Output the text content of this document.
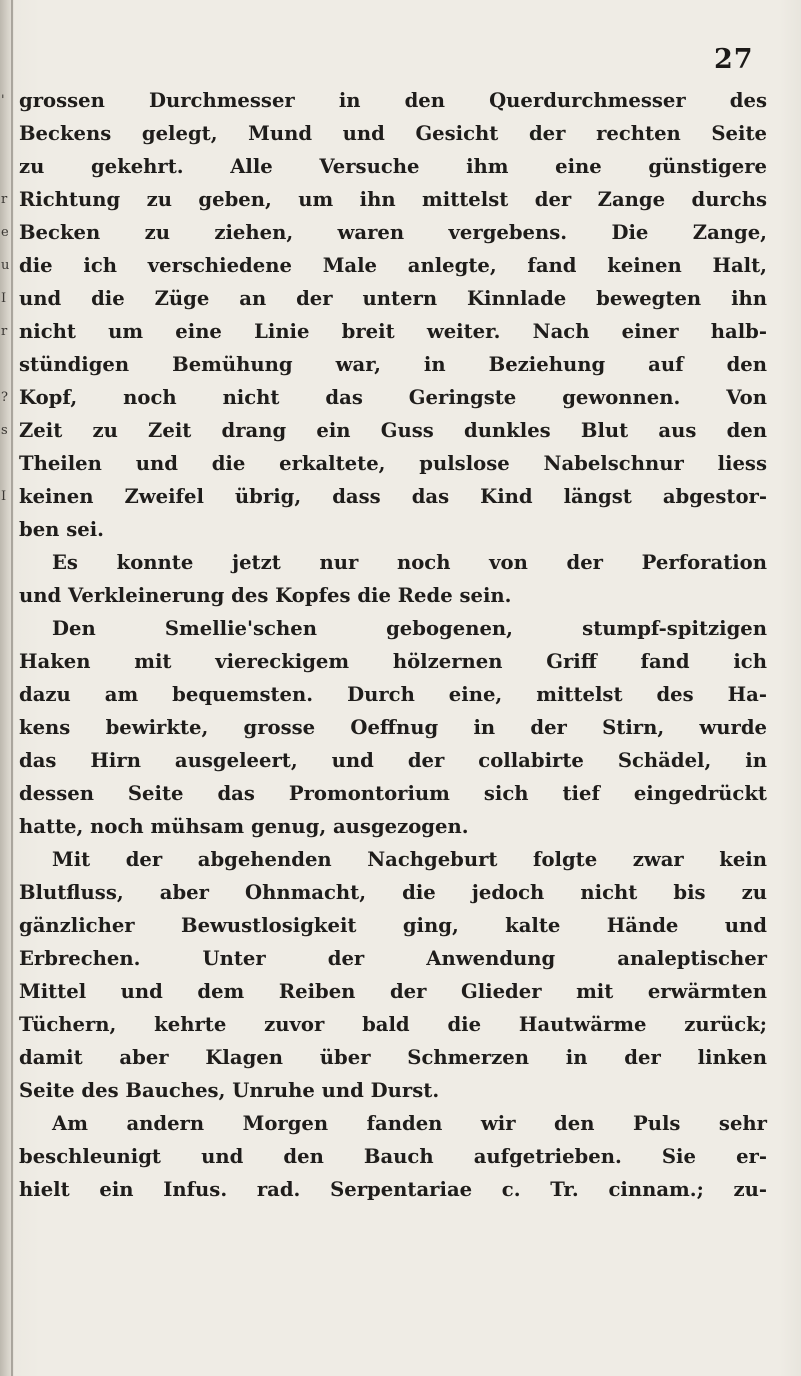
'
r
e
u
I
r
?
s
I
27
grossen Durchmesser in den Querdurchmesser des
Beckens gelegt, Mund und Gesicht der rechten Seite
zu gekehrt. Alle Versuche ihm eine günstigere
Richtung zu geben, um ihn mittelst der Zange durchs
Becken zu ziehen, waren vergebens. Die Zange,
die ich verschiedene Male anlegte, fand keinen Halt,
und die Züge an der untern Kinnlade bewegten ihn
nicht um eine Linie breit weiter. Nach einer halb-
stündigen Bemühung war, in Beziehung auf den
Kopf, noch nicht das Geringste gewonnen. Von
Zeit zu Zeit drang ein Guss dunkles Blut aus den
Theilen und die erkaltete, pulslose Nabelschnur liess
keinen Zweifel übrig, dass das Kind längst abgestor-
ben sei.
Es konnte jetzt nur noch von der Perforation
und Verkleinerung des Kopfes die Rede sein.
Den Smellie'schen gebogenen, stumpf-spitzigen
Haken mit viereckigem hölzernen Griff fand ich
dazu am bequemsten. Durch eine, mittelst des Ha-
kens bewirkte, grosse Oeffnug in der Stirn, wurde
das Hirn ausgeleert, und der collabirte Schädel, in
dessen Seite das Promontorium sich tief eingedrückt
hatte, noch mühsam genug, ausgezogen.
Mit der abgehenden Nachgeburt folgte zwar kein
Blutfluss, aber Ohnmacht, die jedoch nicht bis zu
gänzlicher Bewustlosigkeit ging, kalte Hände und
Erbrechen. Unter der Anwendung analeptischer
Mittel und dem Reiben der Glieder mit erwärmten
Tüchern, kehrte zuvor bald die Hautwärme zurück;
damit aber Klagen über Schmerzen in der linken
Seite des Bauches, Unruhe und Durst.
Am andern Morgen fanden wir den Puls sehr
beschleunigt und den Bauch aufgetrieben. Sie er-
hielt ein Infus. rad. Serpentariae c. Tr. cinnam.; zu-
